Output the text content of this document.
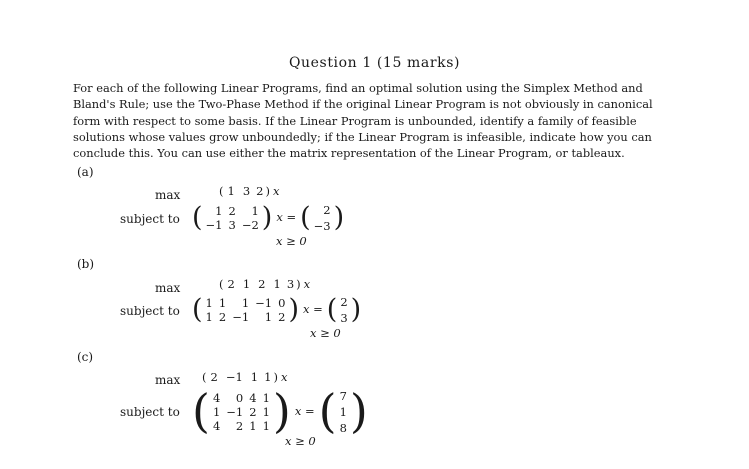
Question 1 (15 marks)
For each of the following Linear Programs, find an optimal solution using the Simplex Method and
Bland's Rule; use the Two-Phase Method if the original Linear Program is not obviously in canonical
form with respect to some basis. If the Linear Program is unbounded, identify a family of feasible
solutions whose values grow unboundedly; if the Linear Program is infeasible, indicate how you can
conclude this. You can use either the matrix representation of the Linear Program, or tableaux.
(a)
max
subject to
( 1 3 2 ) x
( 1	2	1
−1	3	−2 ) x = ( 2
−3 )
x ≥ 0
(b)
max
subject to
( 2 1 2 1 3 ) x
( 1	1	1	−1	0
1	2	−1	1	2 ) x = ( 2
3 )
x ≥ 0
(c)
max
subject to
( 2 −1 1 1 ) x
( 4	0	4	1
1	−1	2	1
4	2	1	1 ) x = ( 7
1
8 )
x ≥ 0
